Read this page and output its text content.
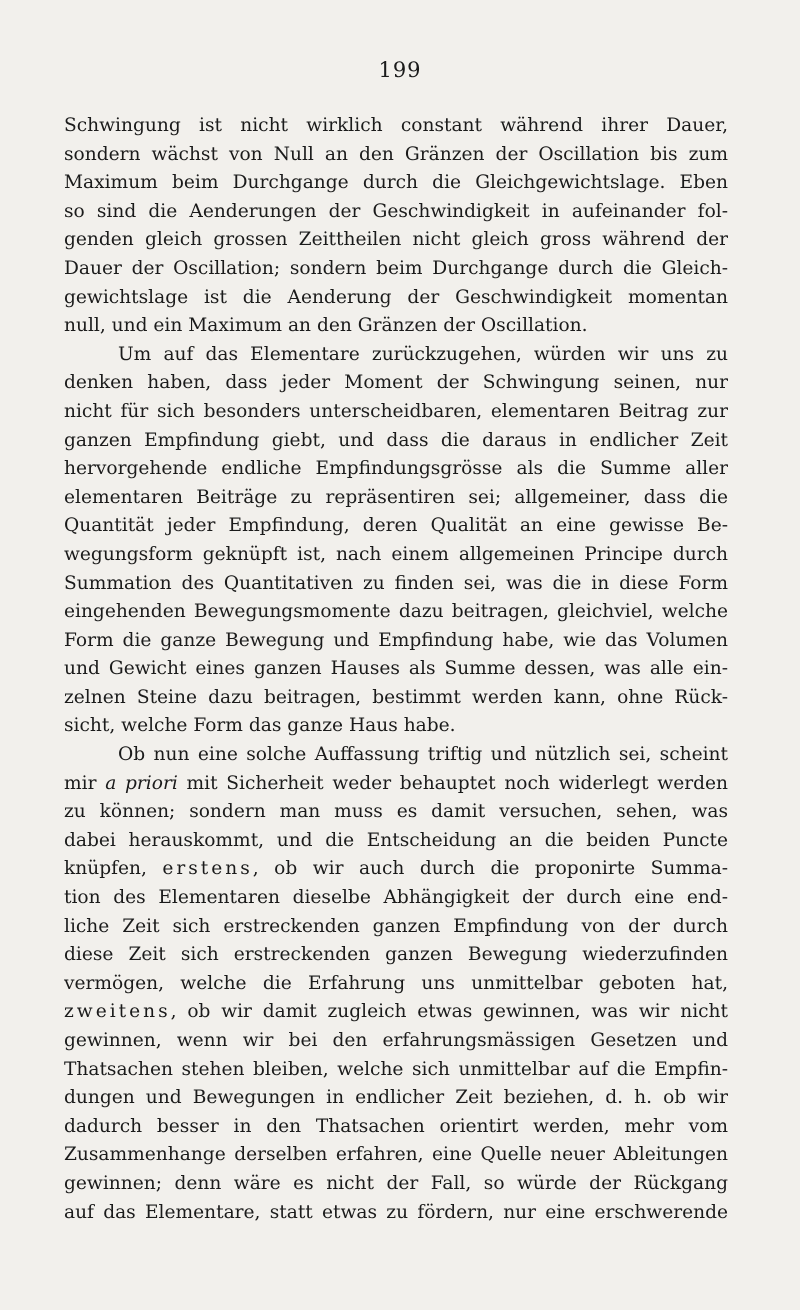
199
Schwingung ist nicht wirklich constant während ihrer Dauer,
sondern wächst von Null an den Gränzen der Oscillation bis zum
Maximum beim Durchgange durch die Gleichgewichtslage. Eben
so sind die Aenderungen der Geschwindigkeit in aufeinander fol-
genden gleich grossen Zeittheilen nicht gleich gross während der
Dauer der Oscillation; sondern beim Durchgange durch die Gleich-
gewichtslage ist die Aenderung der Geschwindigkeit momentan
null, und ein Maximum an den Gränzen der Oscillation.
Um auf das Elementare zurückzugehen, würden wir uns zu
denken haben, dass jeder Moment der Schwingung seinen, nur
nicht für sich besonders unterscheidbaren, elementaren Beitrag zur
ganzen Empfindung giebt, und dass die daraus in endlicher Zeit
hervorgehende endliche Empfindungsgrösse als die Summe aller
elementaren Beiträge zu repräsentiren sei; allgemeiner, dass die
Quantität jeder Empfindung, deren Qualität an eine gewisse Be-
wegungsform geknüpft ist, nach einem allgemeinen Principe durch
Summation des Quantitativen zu finden sei, was die in diese Form
eingehenden Bewegungsmomente dazu beitragen, gleichviel, welche
Form die ganze Bewegung und Empfindung habe, wie das Volumen
und Gewicht eines ganzen Hauses als Summe dessen, was alle ein-
zelnen Steine dazu beitragen, bestimmt werden kann, ohne Rück-
sicht, welche Form das ganze Haus habe.
Ob nun eine solche Auffassung triftig und nützlich sei, scheint
mir a priori mit Sicherheit weder behauptet noch widerlegt werden
zu können; sondern man muss es damit versuchen, sehen, was
dabei herauskommt, und die Entscheidung an die beiden Puncte
knüpfen, erstens, ob wir auch durch die proponirte Summa-
tion des Elementaren dieselbe Abhängigkeit der durch eine end-
liche Zeit sich erstreckenden ganzen Empfindung von der durch
diese Zeit sich erstreckenden ganzen Bewegung wiederzufinden
vermögen, welche die Erfahrung uns unmittelbar geboten hat,
zweitens, ob wir damit zugleich etwas gewinnen, was wir nicht
gewinnen, wenn wir bei den erfahrungsmässigen Gesetzen und
Thatsachen stehen bleiben, welche sich unmittelbar auf die Empfin-
dungen und Bewegungen in endlicher Zeit beziehen, d. h. ob wir
dadurch besser in den Thatsachen orientirt werden, mehr vom
Zusammenhange derselben erfahren, eine Quelle neuer Ableitungen
gewinnen; denn wäre es nicht der Fall, so würde der Rückgang
auf das Elementare, statt etwas zu fördern, nur eine erschwerende
